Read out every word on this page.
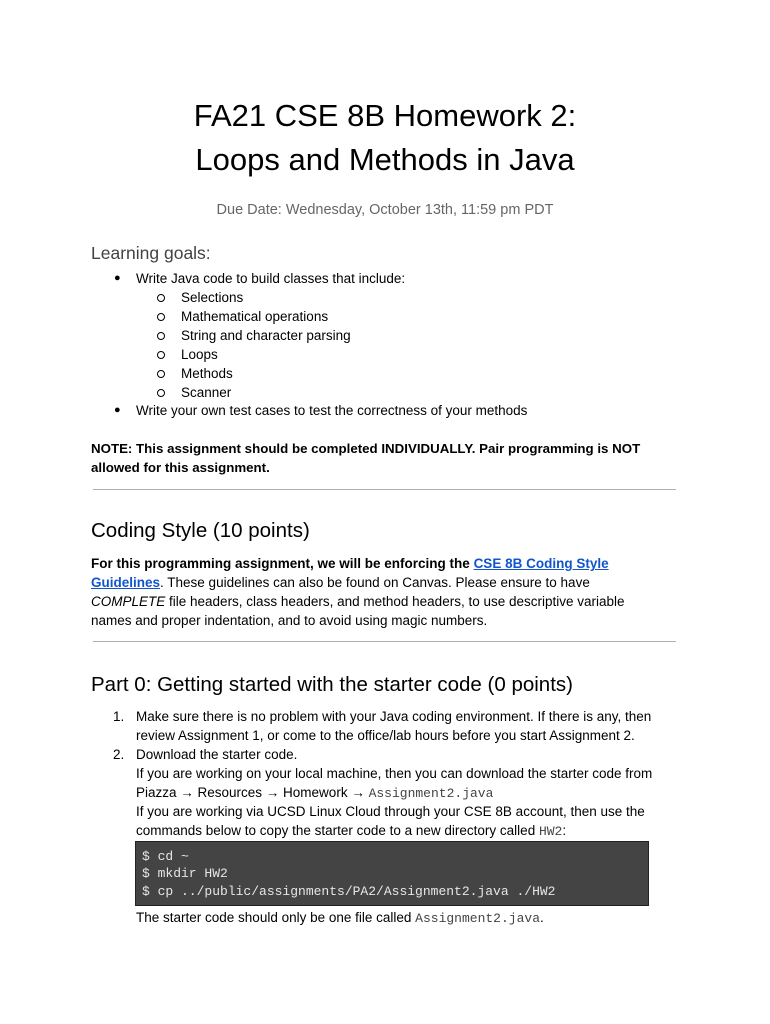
FA21 CSE 8B Homework 2:
Loops and Methods in Java
Due Date: Wednesday, October 13th, 11:59 pm PDT
Learning goals:
● Write Java code to build classes that include:
Selections
Mathematical operations
String and character parsing
Loops
Methods
Scanner
● Write your own test cases to test the correctness of your methods
NOTE: This assignment should be completed INDIVIDUALLY. Pair programming is NOT
allowed for this assignment.
Coding Style (10 points)
For this programming assignment, we will be enforcing the CSE 8B Coding Style
Guidelines. These guidelines can also be found on Canvas. Please ensure to have
COMPLETE file headers, class headers, and method headers, to use descriptive variable
names and proper indentation, and to avoid using magic numbers.
Part 0: Getting started with the starter code (0 points)
1. Make sure there is no problem with your Java coding environment. If there is any, then
review Assignment 1, or come to the office/lab hours before you start Assignment 2.
2. Download the starter code.
If you are working on your local machine, then you can download the starter code from
Piazza → Resources → Homework → Assignment2.java
If you are working via UCSD Linux Cloud through your CSE 8B account, then use the
commands below to copy the starter code to a new directory called HW2:
$ cd ~
$ mkdir HW2
$ cp ../public/assignments/PA2/Assignment2.java ./HW2
The starter code should only be one file called Assignment2.java.
